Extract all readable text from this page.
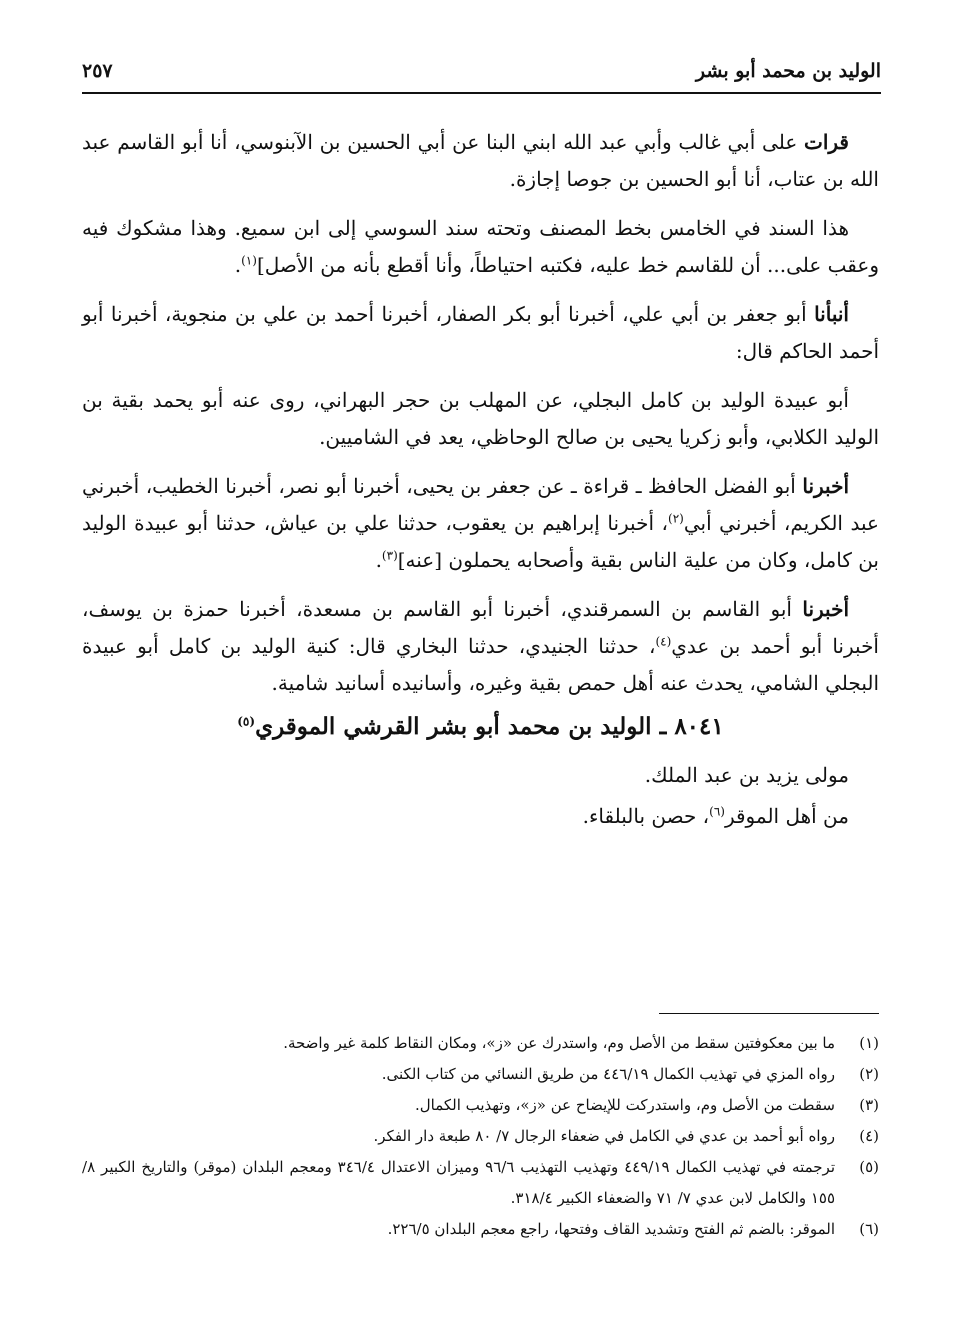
الوليد بن محمد أبو بشر
٢٥٧

قرات على أبي غالب وأبي عبد الله ابني البنا عن أبي الحسين بن الآبنوسي، أنا أبو القاسم عبد الله بن عتاب، أنا أبو الحسين بن جوصا إجازة.

هذا السند في الخامس بخط المصنف وتحته سند السوسي إلى ابن سميع. وهذا مشكوك فيه وعقب على... أن للقاسم خط عليه، فكتبه احتياطاً، وأنا أقطع بأنه من الأصل]$^{(١)}$.

أنبأنا أبو جعفر بن أبي علي، أخبرنا أبو بكر الصفار، أخبرنا أحمد بن علي بن منجوية، أخبرنا أبو أحمد الحاكم قال:

أبو عبيدة الوليد بن كامل البجلي، عن المهلب بن حجر البهراني، روى عنه أبو يحمد بقية بن الوليد الكلابي، وأبو زكريا يحيى بن صالح الوحاظي، يعد في الشاميين.

أخبرنا أبو الفضل الحافظ ـ قراءة ـ عن جعفر بن يحيى، أخبرنا أبو نصر، أخبرنا الخطيب، أخبرني عبد الكريم، أخبرني أبي$^{(٢)}$، أخبرنا إبراهيم بن يعقوب، حدثنا علي بن عياش، حدثنا أبو عبيدة الوليد بن كامل، وكان من علية الناس بقية وأصحابه يحملون [عنه]$^{(٣)}$.

أخبرنا أبو القاسم بن السمرقندي، أخبرنا أبو القاسم بن مسعدة، أخبرنا حمزة بن يوسف، أخبرنا أبو أحمد بن عدي$^{(٤)}$، حدثنا الجنيدي، حدثنا البخاري قال: كنية الوليد بن كامل أبو عبيدة البجلي الشامي، يحدث عنه أهل حمص بقية وغيره، وأسانيده أسانيد شامية.

٨٠٤١ ـ الوليد بن محمد أبو بشر القرشي الموقري$^{(٥)}$

مولى يزيد بن عبد الملك.

من أهل الموقر$^{(٦)}$، حصن بالبلقاء.

(١)
ما بين معكوفتين سقط من الأصل وم، واستدرك عن «ز»، ومكان النقاط كلمة غير واضحة.
(٢)
رواه المزي في تهذيب الكمال ٤٤٦/١٩ من طريق النسائي من كتاب الكنى.
(٣)
سقطت من الأصل وم، واستدركت للإيضاح عن «ز»، وتهذيب الكمال.
(٤)
رواه أبو أحمد بن عدي في الكامل في ضعفاء الرجال ٧/ ٨٠ طبعة دار الفكر.
(٥)
ترجمته في تهذيب الكمال ٤٤٩/١٩ وتهذيب التهذيب ٩٦/٦ وميزان الاعتدال ٣٤٦/٤ ومعجم البلدان (موقر) والتاريخ الكبير ٨/ ١٥٥ والكامل لابن عدي ٧/ ٧١ والضعفاء الكبير ٣١٨/٤.
(٦)
الموقر: بالضم ثم الفتح وتشديد القاف وفتحها، راجع معجم البلدان ٢٢٦/٥.
